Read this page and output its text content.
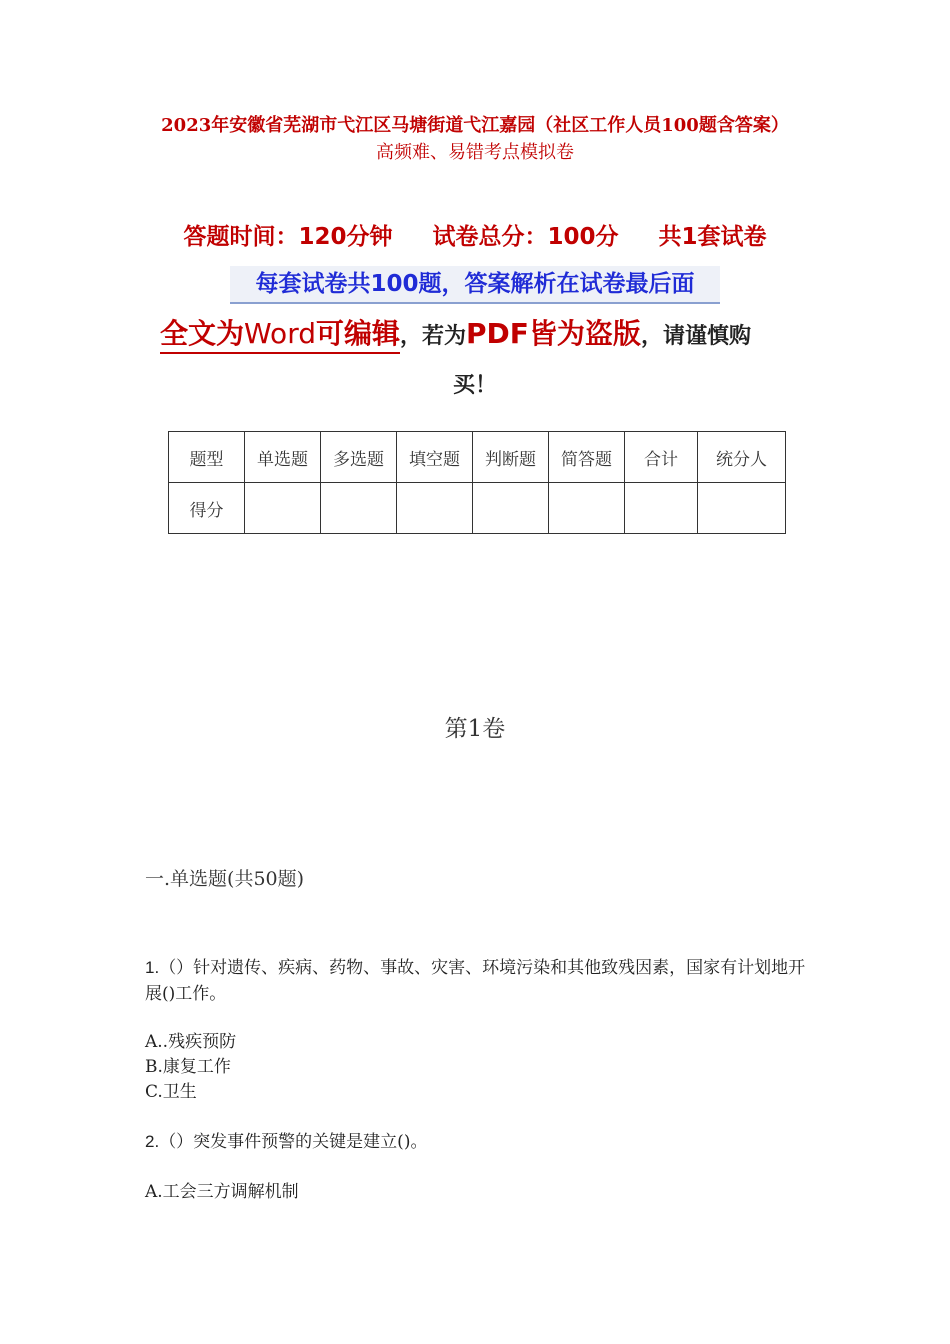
2023年安徽省芜湖市弋江区马塘街道弋江嘉园（社区工作人员100题含答案）
高频难、易错考点模拟卷
答题时间：120分钟 试卷总分：100分 共1套试卷
每套试卷共100题，答案解析在试卷最后面
全文为Word可编辑，若为PDF皆为盗版，请谨慎购
买！
题型	单选题	多选题	填空题	判断题	简答题	合计	统分人
得分							
第1卷
一.单选题(共50题)
1.（）针对遗传、疾病、药物、事故、灾害、环境污染和其他致残因素，国家有计划地开展()工作。
A..残疾预防
B.康复工作
C.卫生
2.（）突发事件预警的关键是建立()。
A.工会三方调解机制
